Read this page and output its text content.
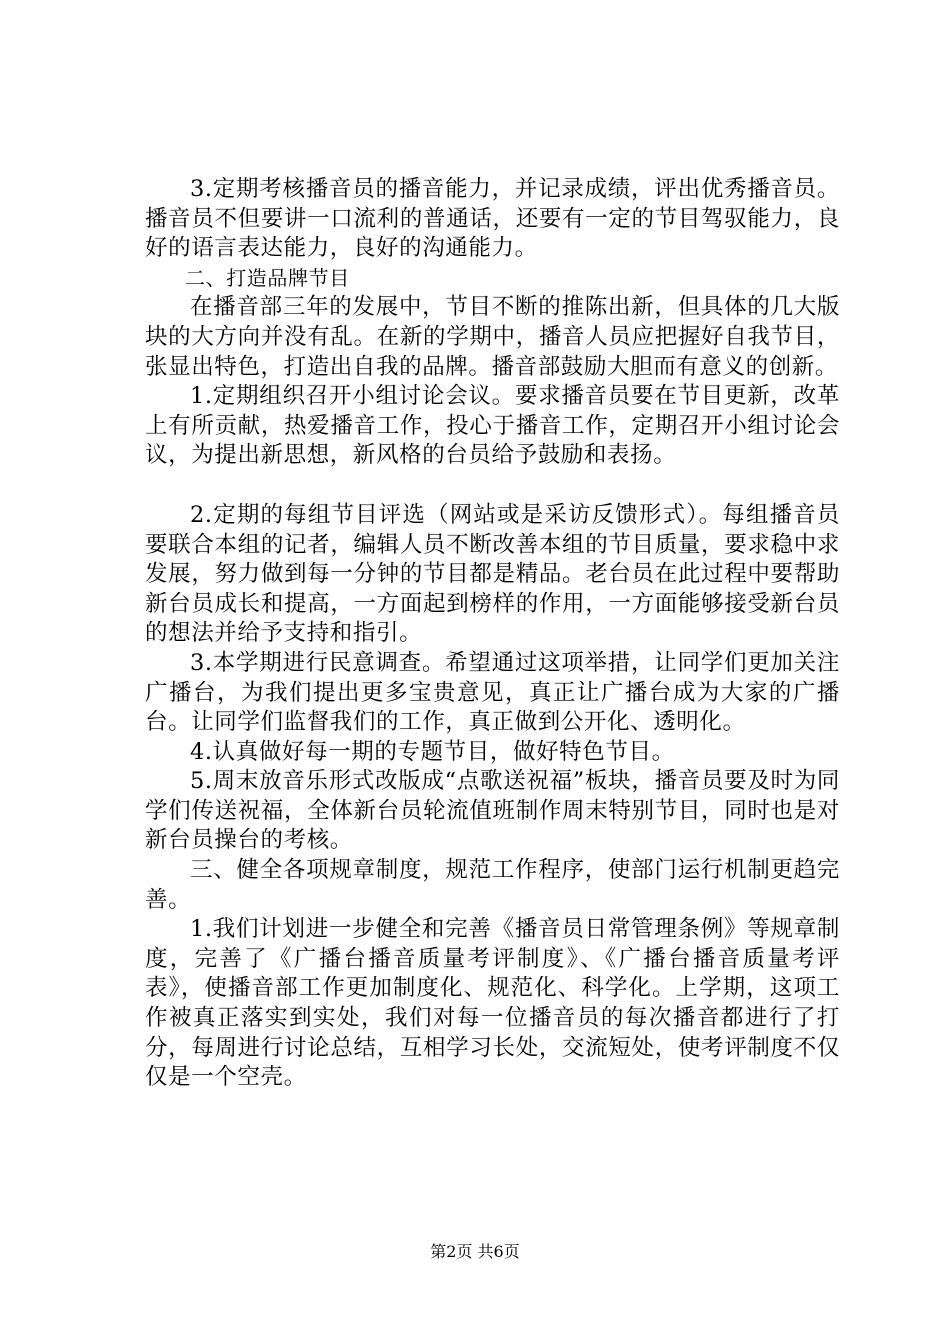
3.定期考核播音员的播音能力，并记录成绩，评出优秀播音员。播音员不但要讲一口流利的普通话，还要有一定的节目驾驭能力，良好的语言表达能力，良好的沟通能力。

二、打造品牌节目

在播音部三年的发展中，节目不断的推陈出新，但具体的几大版块的大方向并没有乱。在新的学期中，播音人员应把握好自我节目，张显出特色，打造出自我的品牌。播音部鼓励大胆而有意义的创新。

1.定期组织召开小组讨论会议。要求播音员要在节目更新，改革上有所贡献，热爱播音工作，投心于播音工作，定期召开小组讨论会议，为提出新思想，新风格的台员给予鼓励和表扬。

2.定期的每组节目评选（网站或是采访反馈形式）。每组播音员要联合本组的记者，编辑人员不断改善本组的节目质量，要求稳中求发展，努力做到每一分钟的节目都是精品。老台员在此过程中要帮助新台员成长和提高，一方面起到榜样的作用，一方面能够接受新台员的想法并给予支持和指引。

3.本学期进行民意调查。希望通过这项举措，让同学们更加关注广播台，为我们提出更多宝贵意见，真正让广播台成为大家的广播台。让同学们监督我们的工作，真正做到公开化、透明化。

4.认真做好每一期的专题节目，做好特色节目。

5.周末放音乐形式改版成“点歌送祝福”板块，播音员要及时为同学们传送祝福，全体新台员轮流值班制作周末特别节目，同时也是对新台员操台的考核。

三、健全各项规章制度，规范工作程序，使部门运行机制更趋完善。

1.我们计划进一步健全和完善《播音员日常管理条例》等规章制度，完善了《广播台播音质量考评制度》、《广播台播音质量考评表》，使播音部工作更加制度化、规范化、科学化。上学期，这项工作被真正落实到实处，我们对每一位播音员的每次播音都进行了打分，每周进行讨论总结，互相学习长处，交流短处，使考评制度不仅仅是一个空壳。

第2页 共6页
